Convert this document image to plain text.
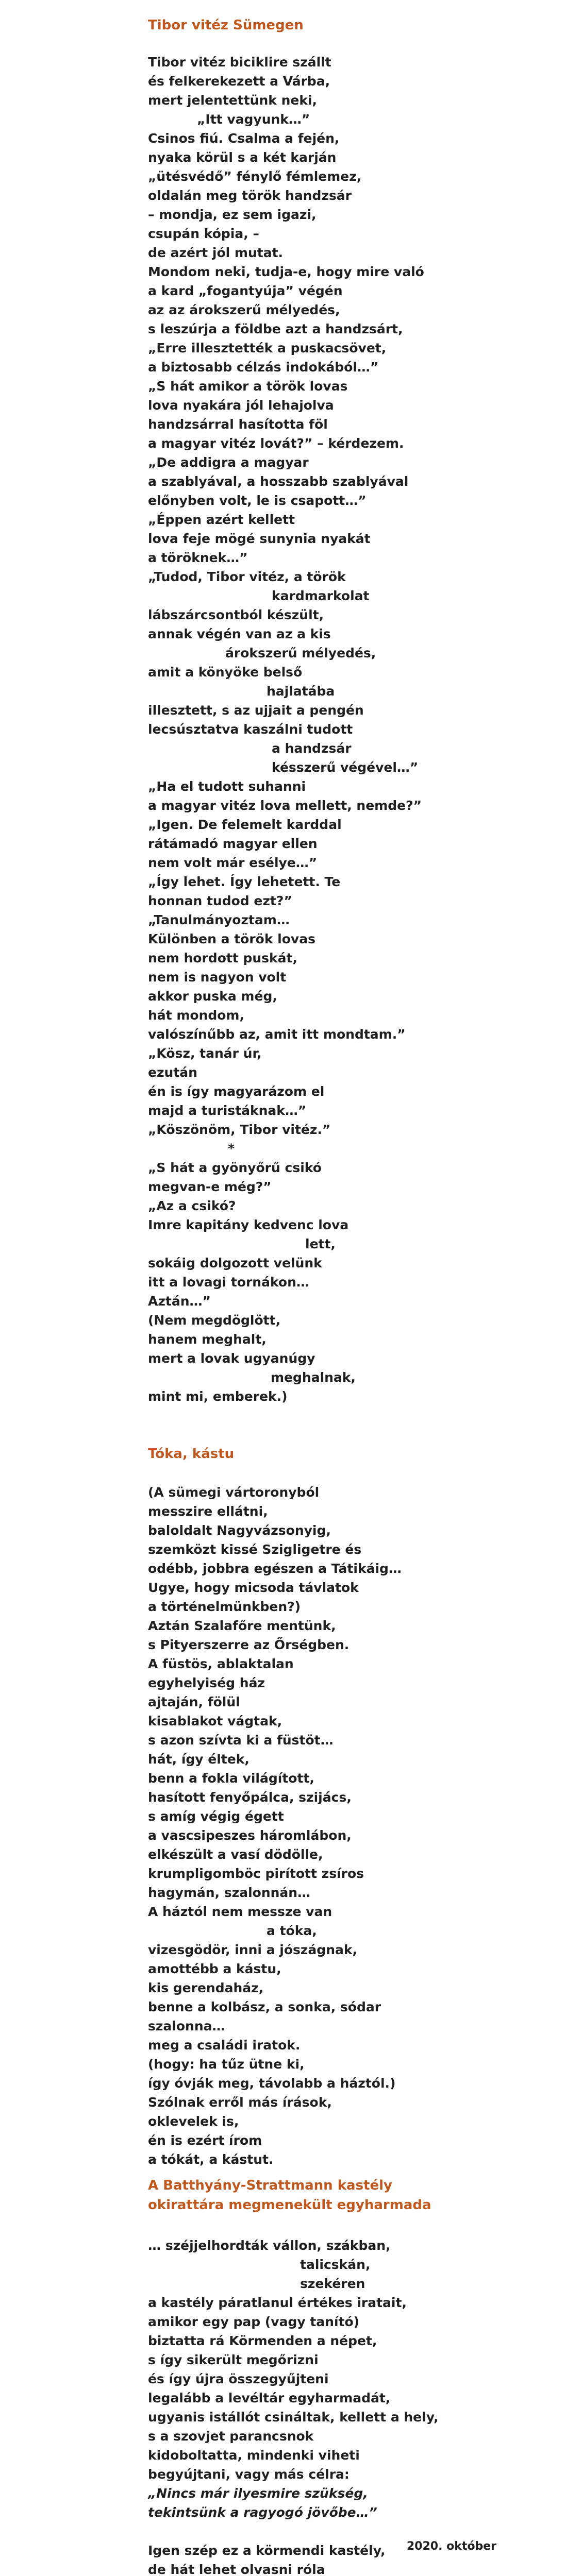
Tibor vitéz Sümegen

Tibor vitéz biciklire szállt

és felkerekezett a Várba,

mert jelentettünk neki,

„Itt vagyunk…”

Csinos fiú. Csalma a fején,

nyaka körül s a két karján

„ütésvédő” fénylő fémlemez,

oldalán meg török handzsár

– mondja, ez sem igazi,

csupán kópia, –

de azért jól mutat.

Mondom neki, tudja-e, hogy mire való

a kard „fogantyúja” végén

az az árokszerű mélyedés,

s leszúrja a földbe azt a handzsárt,

„Erre illesztették a puskacsövet,

a biztosabb célzás indokából…”

„S hát amikor a török lovas

lova nyakára jól lehajolva

handzsárral hasította föl

a magyar vitéz lovát?” – kérdezem.

„De addigra a magyar

a szablyával, a hosszabb szablyával

előnyben volt, le is csapott…”

„Éppen azért kellett

lova feje mögé sunynia nyakát

a töröknek…”

„Tudod, Tibor vitéz, a török

kardmarkolat

lábszárcsontból készült,

annak végén van az a kis

árokszerű mélyedés,

amit a könyöke belső

hajlatába

illesztett, s az ujjait a pengén

lecsúsztatva kaszálni tudott

a handzsár

késszerű végével…”

„Ha el tudott suhanni

a magyar vitéz lova mellett, nemde?”

„Igen. De felemelt karddal

rátámadó magyar ellen

nem volt már esélye…”

„Így lehet. Így lehetett. Te

honnan tudod ezt?”

„Tanulmányoztam…

Különben a török lovas

nem hordott puskát,

nem is nagyon volt

akkor puska még,

hát mondom,

valószínűbb az, amit itt mondtam.”

„Kösz, tanár úr,

ezután

én is így magyarázom el

majd a turistáknak…”

„Köszönöm, Tibor vitéz.”

*

„S hát a gyönyőrű csikó

megvan-e még?”

„Az a csikó?

Imre kapitány kedvenc lova

lett,

sokáig dolgozott velünk

itt a lovagi tornákon…

Aztán…”

(Nem megdöglött,

hanem meghalt,

mert a lovak ugyanúgy

meghalnak,

mint mi, emberek.)

Tóka, kástu

(A sümegi vártoronyból

messzire ellátni,

baloldalt Nagyvázsonyig,

szemközt kissé Szigligetre és

odébb, jobbra egészen a Tátikáig…

Ugye, hogy micsoda távlatok

a történelmünkben?)

Aztán Szalafőre mentünk,

s Pityerszerre az Őrségben.

A füstös, ablaktalan

egyhelyiség ház

ajtaján, fölül

kisablakot vágtak,

s azon szívta ki a füstöt…

hát, így éltek,

benn a fokla világított,

hasított fenyőpálca, szijács,

s amíg végig égett

a vascsipeszes háromlábon,

elkészült a vasí dödölle,

krumpligomböc pirított zsíros

hagymán, szalonnán…

A háztól nem messze van

a tóka,

vizesgödör, inni a jószágnak,

amottébb a kástu,

kis gerendaház,

benne a kolbász, a sonka, sódar

szalonna…

meg a családi iratok.

(hogy: ha tűz ütne ki,

így óvják meg, távolabb a háztól.)

Szólnak erről más írások,

oklevelek is,

én is ezért írom

a tókát, a kástut.

A Batthyány-Strattmann kastély
okirattára megmenekült egyharmada

… széjjelhordták vállon, szákban,

talicskán,

szekéren

a kastély páratlanul értékes iratait,

amikor egy pap (vagy tanító)

biztatta rá Körmenden a népet,

s így sikerült megőrizni

és így újra összegyűjteni

legalább a levéltár egyharmadát,

ugyanis istállót csináltak, kellett a hely,

s a szovjet parancsnok

kidoboltatta, mindenki viheti

begyújtani, vagy más célra:

„Nincs már ilyesmire szükség,

tekintsünk a ragyogó jövőbe…”

Igen szép ez a körmendi kastély,

de hát lehet olvasni róla

2020. október
